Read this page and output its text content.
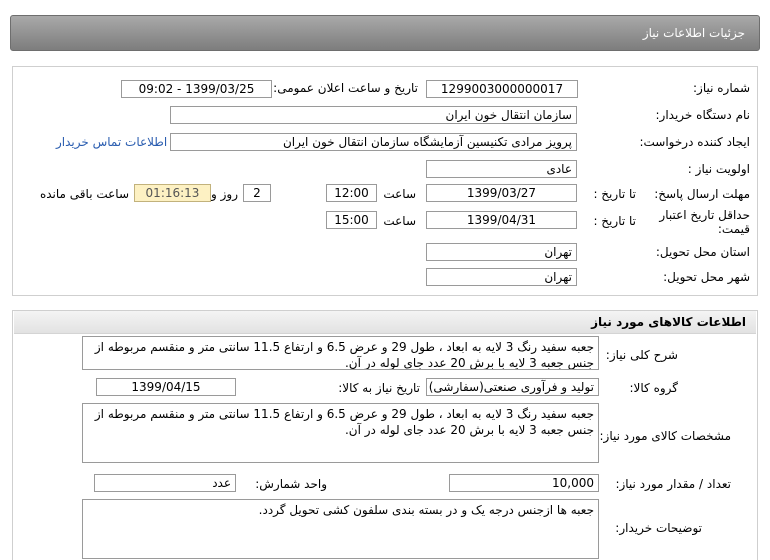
جزئیات اطلاعات نیاز
شماره نیاز:
1299003000000017
تاریخ و ساعت اعلان عمومی:
1399/03/25 - 09:02
نام دستگاه خریدار:
سازمان انتقال خون ایران
ایجاد کننده درخواست:
پرویز مرادی تکنیسین آزمایشگاه سازمان انتقال خون ایران
اطلاعات تماس خریدار
اولویت نیاز :
عادی
مهلت ارسال پاسخ:
تا تاریخ :
1399/03/27
ساعت
12:00
2
روز و
01:16:13
ساعت باقی مانده
حداقل تاریخ اعتبار
قیمت:
تا تاریخ :
1399/04/31
ساعت
15:00
استان محل تحویل:
تهران
شهر محل تحویل:
تهران
اطلاعات کالاهای مورد نیاز
شرح کلی نیاز:
جعبه سفید رنگ 3 لایه به ابعاد ، طول 29 و عرض 6.5 و ارتفاع 11.5 سانتی متر و منقسم مربوطه از جنس جعبه 3 لایه با برش 20 عدد جای لوله در آن.
گروه کالا:
تولید و فرآوری صنعتی(سفارشی)
تاریخ نیاز به کالا:
1399/04/15
مشخصات کالای مورد نیاز:
جعبه سفید رنگ 3 لایه به ابعاد ، طول 29 و عرض 6.5 و ارتفاع 11.5 سانتی متر و منقسم مربوطه از جنس جعبه 3 لایه با برش 20 عدد جای لوله در آن.
تعداد / مقدار مورد نیاز:
10,000
واحد شمارش:
عدد
توضیحات خریدار:
جعبه ها ازجنس درجه یک و در بسته بندی سلفون کشی تحویل گردد.
